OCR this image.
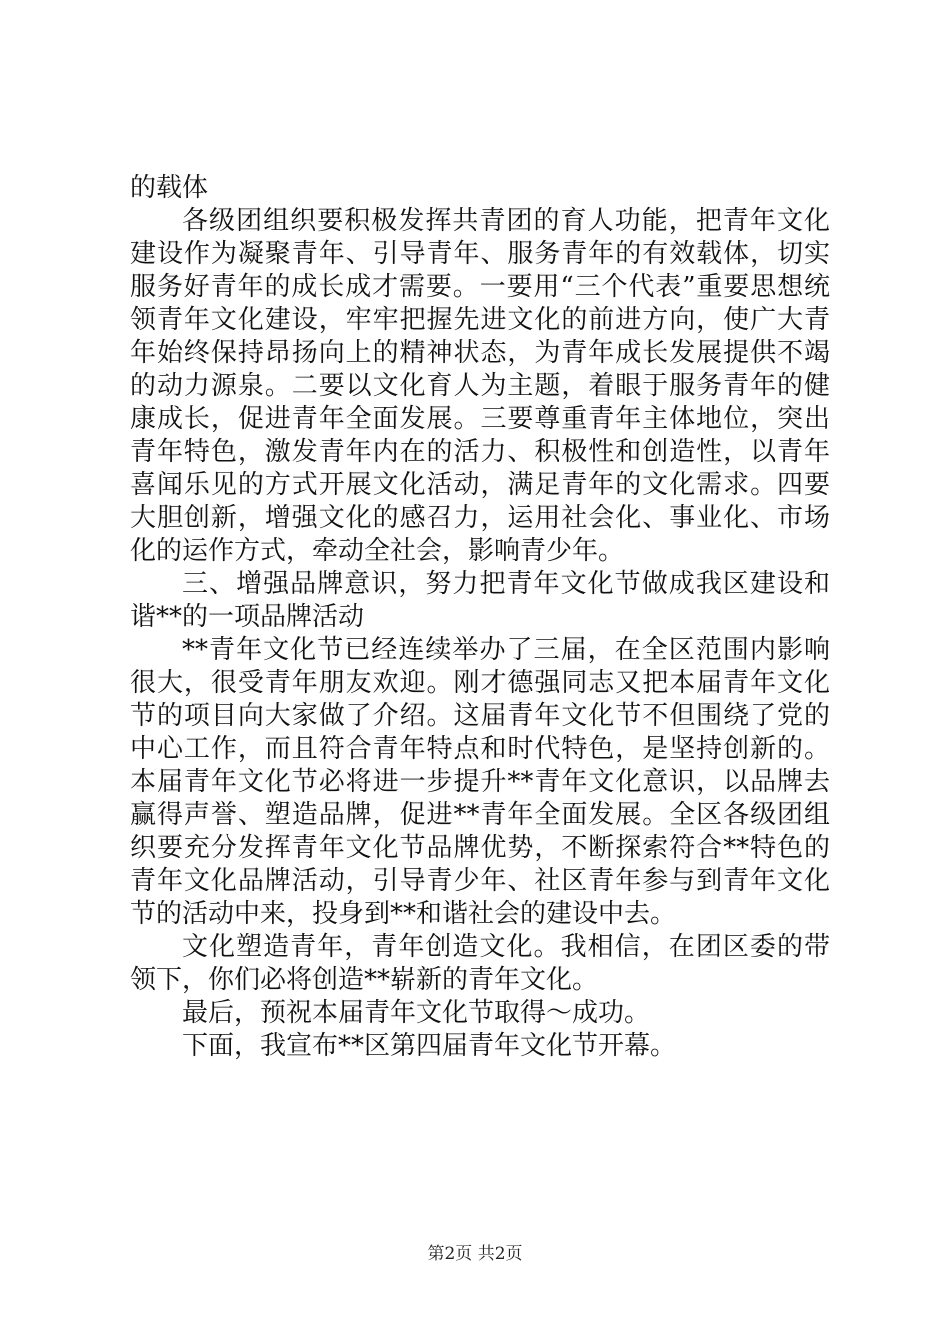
的载体

各级团组织要积极发挥共青团的育人功能，把青年文化建设作为凝聚青年、引导青年、服务青年的有效载体，切实服务好青年的成长成才需要。一要用“三个代表”重要思想统领青年文化建设，牢牢把握先进文化的前进方向，使广大青年始终保持昂扬向上的精神状态，为青年成长发展提供不竭的动力源泉。二要以文化育人为主题，着眼于服务青年的健康成长，促进青年全面发展。三要尊重青年主体地位，突出青年特色，激发青年内在的活力、积极性和创造性，以青年喜闻乐见的方式开展文化活动，满足青年的文化需求。四要大胆创新，增强文化的感召力，运用社会化、事业化、市场化的运作方式，牵动全社会，影响青少年。

三、增强品牌意识，努力把青年文化节做成我区建设和谐**的一项品牌活动

**青年文化节已经连续举办了三届，在全区范围内影响很大，很受青年朋友欢迎。刚才德强同志又把本届青年文化节的项目向大家做了介绍。这届青年文化节不但围绕了党的中心工作，而且符合青年特点和时代特色，是坚持创新的。本届青年文化节必将进一步提升**青年文化意识，以品牌去赢得声誉、塑造品牌，促进**青年全面发展。全区各级团组织要充分发挥青年文化节品牌优势，不断探索符合**特色的青年文化品牌活动，引导青少年、社区青年参与到青年文化节的活动中来，投身到**和谐社会的建设中去。

文化塑造青年，青年创造文化。我相信，在团区委的带领下，你们必将创造**崭新的青年文化。

最后，预祝本届青年文化节取得～成功。

下面，我宣布**区第四届青年文化节开幕。

第2页 共2页
